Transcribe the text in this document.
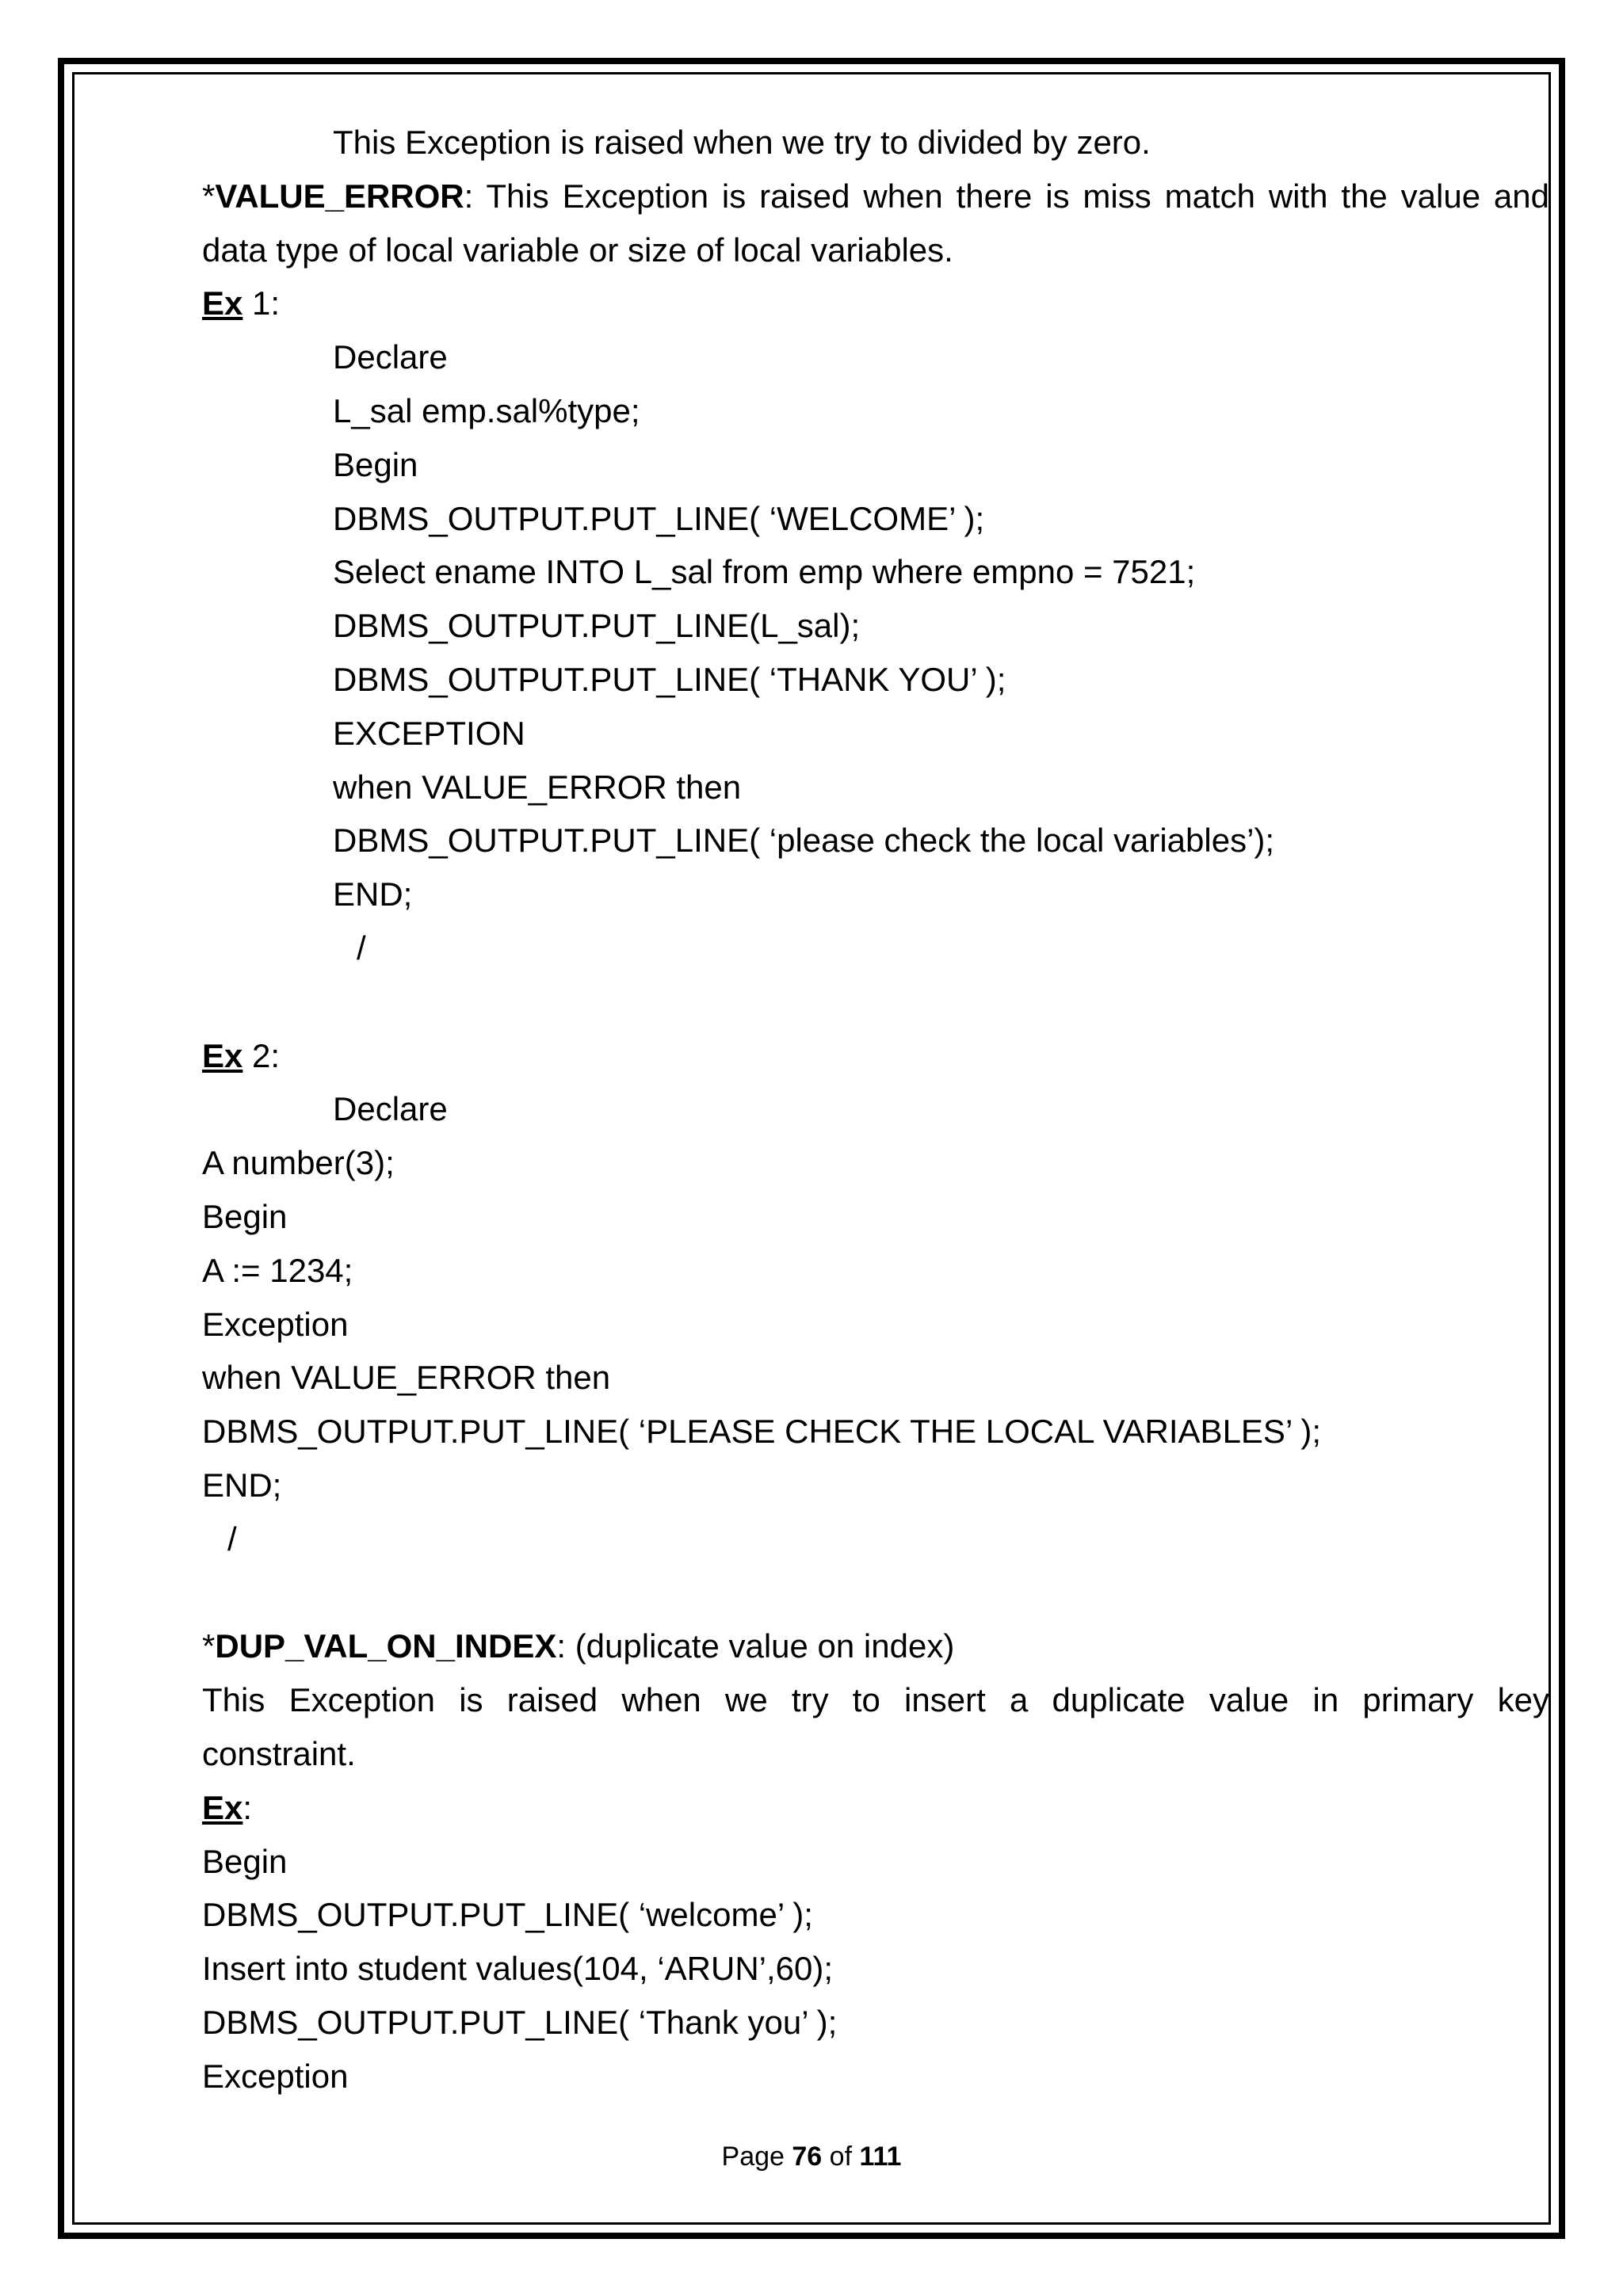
This Exception is raised when we try to divided by zero.
*VALUE_ERROR: This Exception is raised when there is miss match with the value and
data type of local variable or size of local variables.
Ex 1:
Declare
L_sal emp.sal%type;
Begin
DBMS_OUTPUT.PUT_LINE( ‘WELCOME’ );
Select ename INTO L_sal from emp where empno = 7521;
DBMS_OUTPUT.PUT_LINE(L_sal);
DBMS_OUTPUT.PUT_LINE( ‘THANK YOU’ );
EXCEPTION
when VALUE_ERROR then
DBMS_OUTPUT.PUT_LINE( ‘please check the local variables’);
END;
/
Ex 2:
Declare
A number(3);
Begin
A := 1234;
Exception
when VALUE_ERROR then
DBMS_OUTPUT.PUT_LINE( ‘PLEASE CHECK THE LOCAL VARIABLES’ );
END;
/
*DUP_VAL_ON_INDEX: (duplicate value on index)
This Exception is raised when we try to insert a duplicate value in primary key
constraint.
Ex:
Begin
DBMS_OUTPUT.PUT_LINE( ‘welcome’ );
Insert into student values(104, ‘ARUN’,60);
DBMS_OUTPUT.PUT_LINE( ‘Thank you’ );
Exception
Page 76 of 111
